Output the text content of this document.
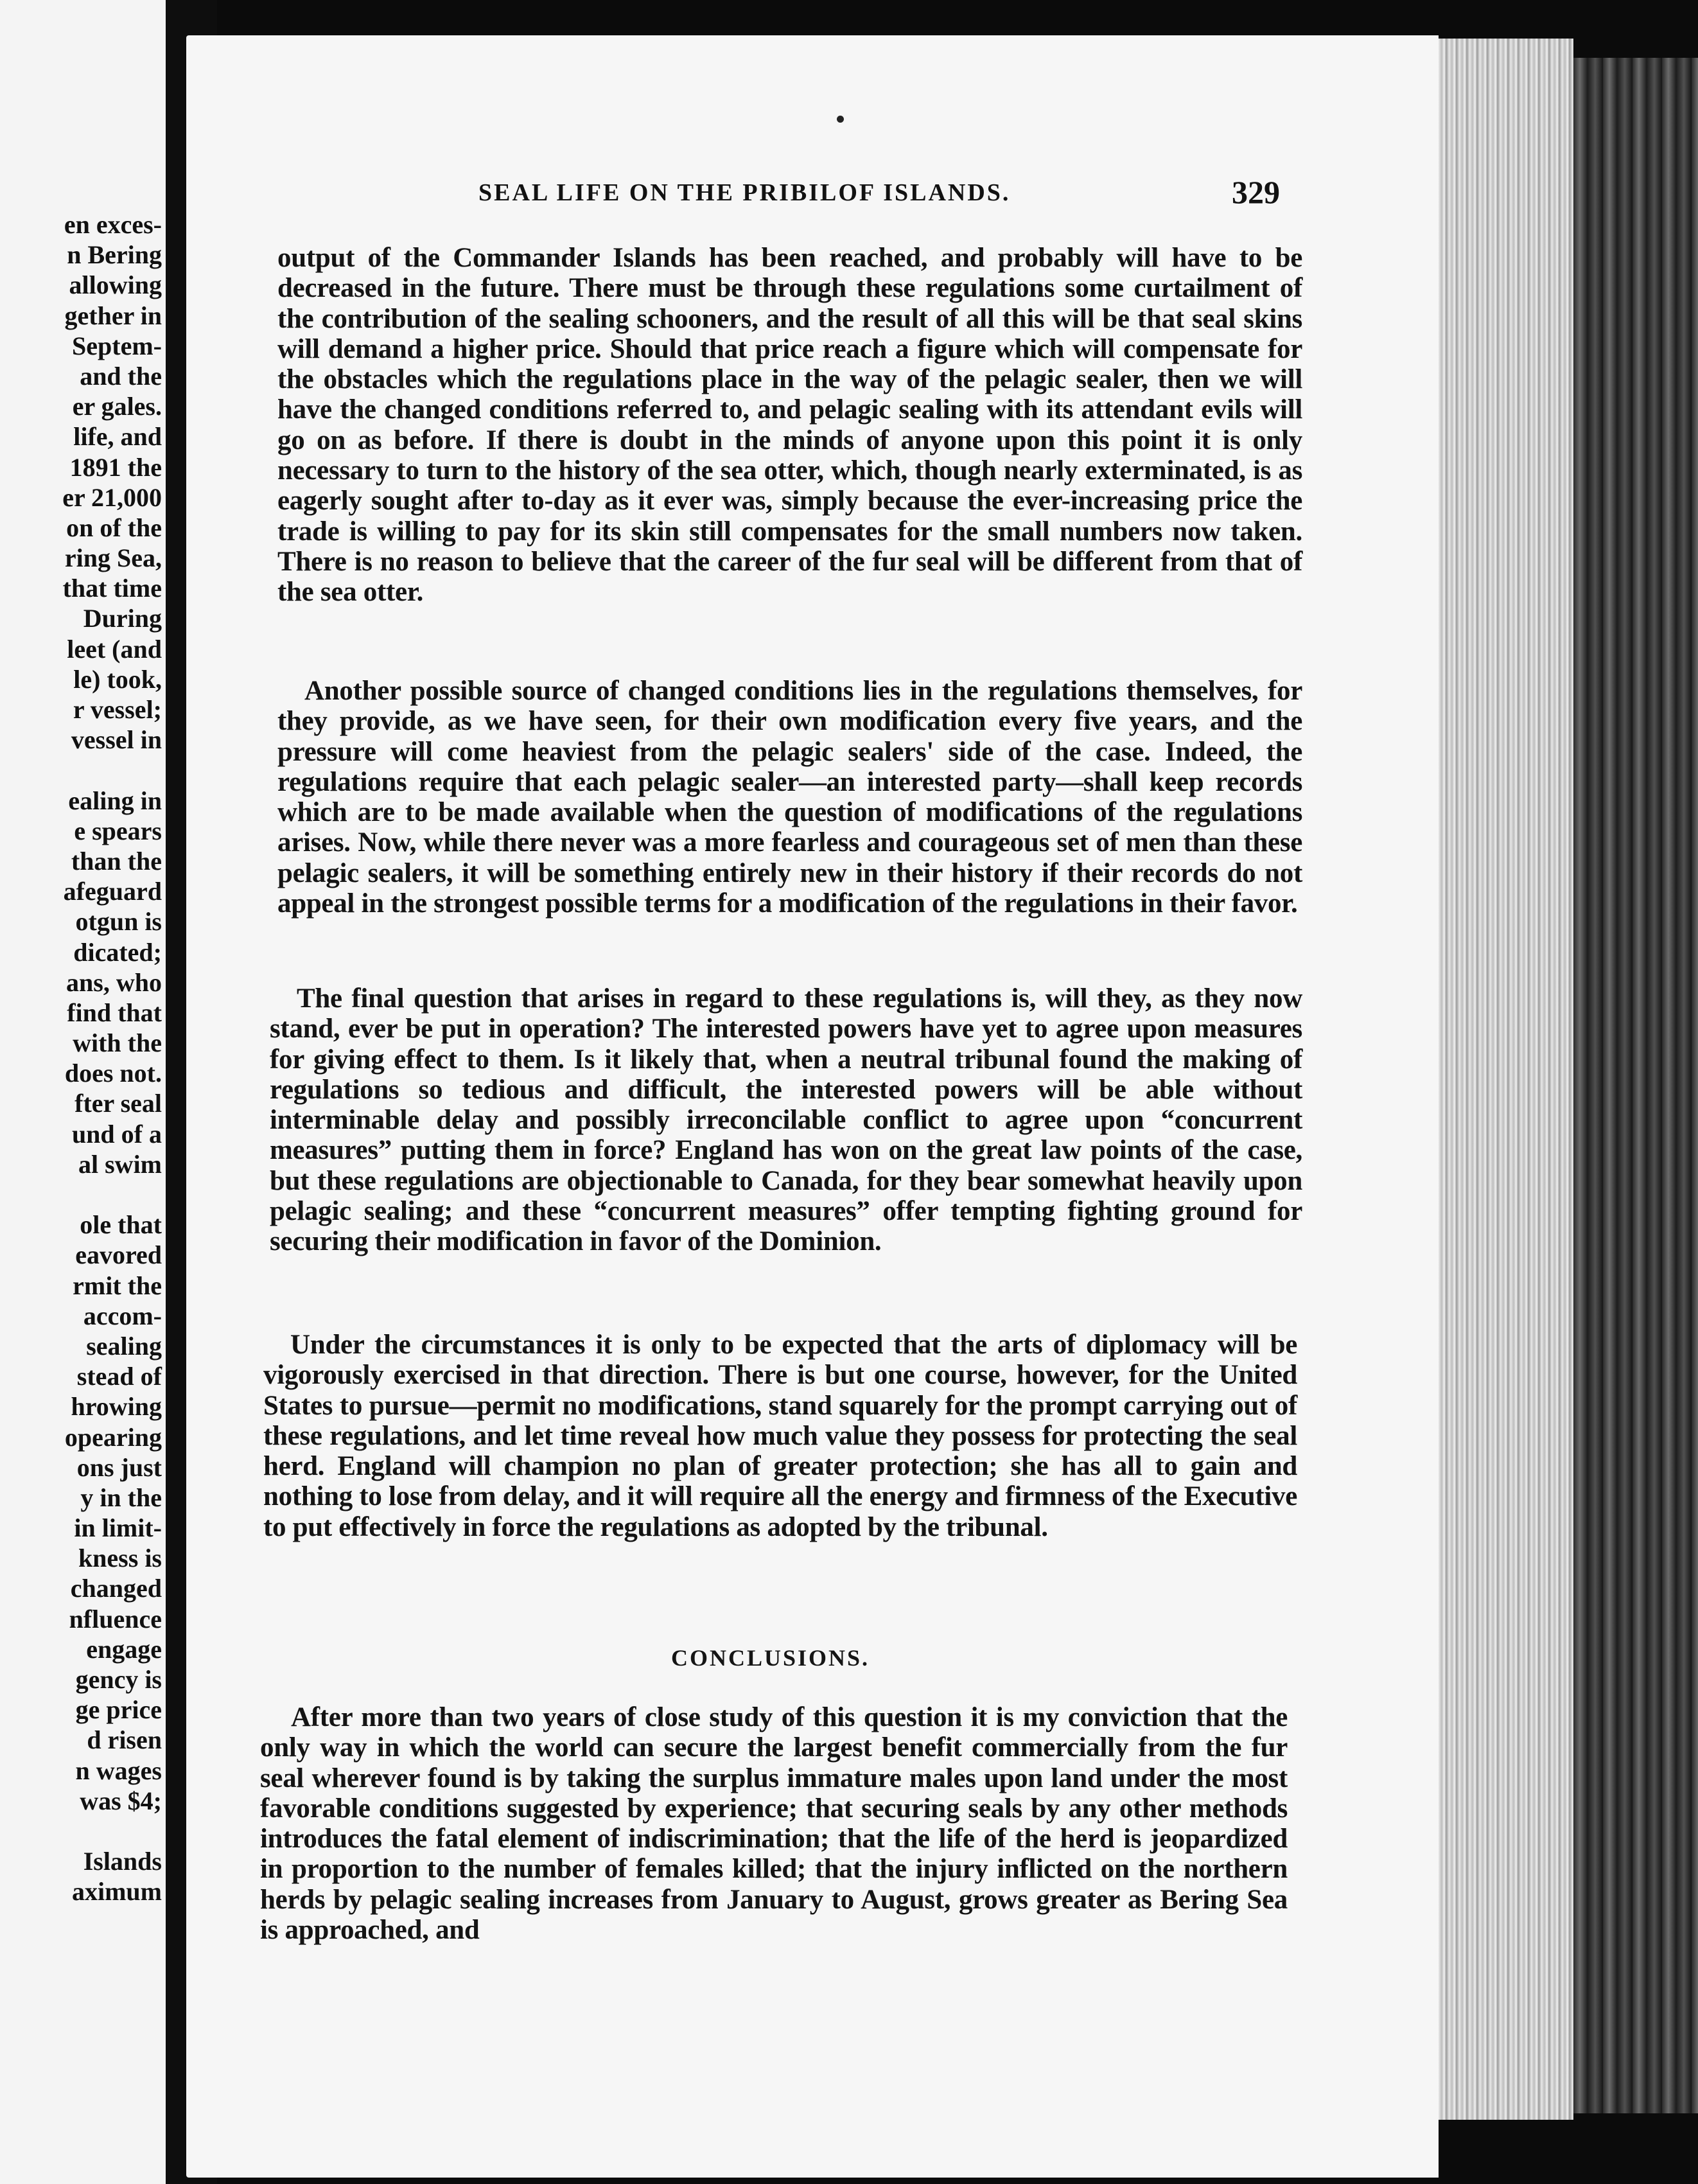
en exces-
n Bering
allowing
gether in
Septem-
and the
er gales.
life, and
1891 the
er 21,000
on of the
ring Sea,
that time
During
leet (and
le) took,
r vessel;
vessel in

ealing in
e spears
than the
afeguard
otgun is
dicated;
ans, who
find that
with the
does not.
fter seal
und of a
al swim

ole that
eavored
rmit the
accom-
sealing
stead of
hrowing
opearing
ons just
y in the
in limit-
kness is
changed
nfluence
engage
gency is
ge price
d risen
n wages
was $4;

Islands
aximum
SEAL LIFE ON THE PRIBILOF ISLANDS.	329

output of the Commander Islands has been reached, and probably will have to be decreased in the future. There must be through these regulations some curtailment of the contribution of the sealing schooners, and the result of all this will be that seal skins will demand a higher price. Should that price reach a figure which will compensate for the obstacles which the regulations place in the way of the pelagic sealer, then we will have the changed conditions referred to, and pelagic sealing with its attendant evils will go on as before. If there is doubt in the minds of anyone upon this point it is only necessary to turn to the history of the sea otter, which, though nearly exterminated, is as eagerly sought after to-day as it ever was, simply because the ever-increasing price the trade is willing to pay for its skin still compensates for the small numbers now taken. There is no reason to believe that the career of the fur seal will be different from that of the sea otter.

Another possible source of changed conditions lies in the regulations themselves, for they provide, as we have seen, for their own modification every five years, and the pressure will come heaviest from the pelagic sealers' side of the case. Indeed, the regulations require that each pelagic sealer—an interested party—shall keep records which are to be made available when the question of modifications of the regulations arises. Now, while there never was a more fearless and courageous set of men than these pelagic sealers, it will be something entirely new in their history if their records do not appeal in the strongest possible terms for a modification of the regulations in their favor.

The final question that arises in regard to these regulations is, will they, as they now stand, ever be put in operation? The interested powers have yet to agree upon measures for giving effect to them. Is it likely that, when a neutral tribunal found the making of regulations so tedious and difficult, the interested powers will be able without interminable delay and possibly irreconcilable conflict to agree upon “concurrent measures” putting them in force? England has won on the great law points of the case, but these regulations are objectionable to Canada, for they bear somewhat heavily upon pelagic sealing; and these “concurrent measures” offer tempting fighting ground for securing their modification in favor of the Dominion.

Under the circumstances it is only to be expected that the arts of diplomacy will be vigorously exercised in that direction. There is but one course, however, for the United States to pursue—permit no modifications, stand squarely for the prompt carrying out of these regulations, and let time reveal how much value they possess for protecting the seal herd. England will champion no plan of greater protection; she has all to gain and nothing to lose from delay, and it will require all the energy and firmness of the Executive to put effectively in force the regulations as adopted by the tribunal.

CONCLUSIONS.

After more than two years of close study of this question it is my conviction that the only way in which the world can secure the largest benefit commercially from the fur seal wherever found is by taking the surplus immature males upon land under the most favorable conditions suggested by experience; that securing seals by any other methods introduces the fatal element of indiscrimination; that the life of the herd is jeopardized in proportion to the number of females killed; that the injury inflicted on the northern herds by pelagic sealing increases from January to August, grows greater as Bering Sea is approached, and
